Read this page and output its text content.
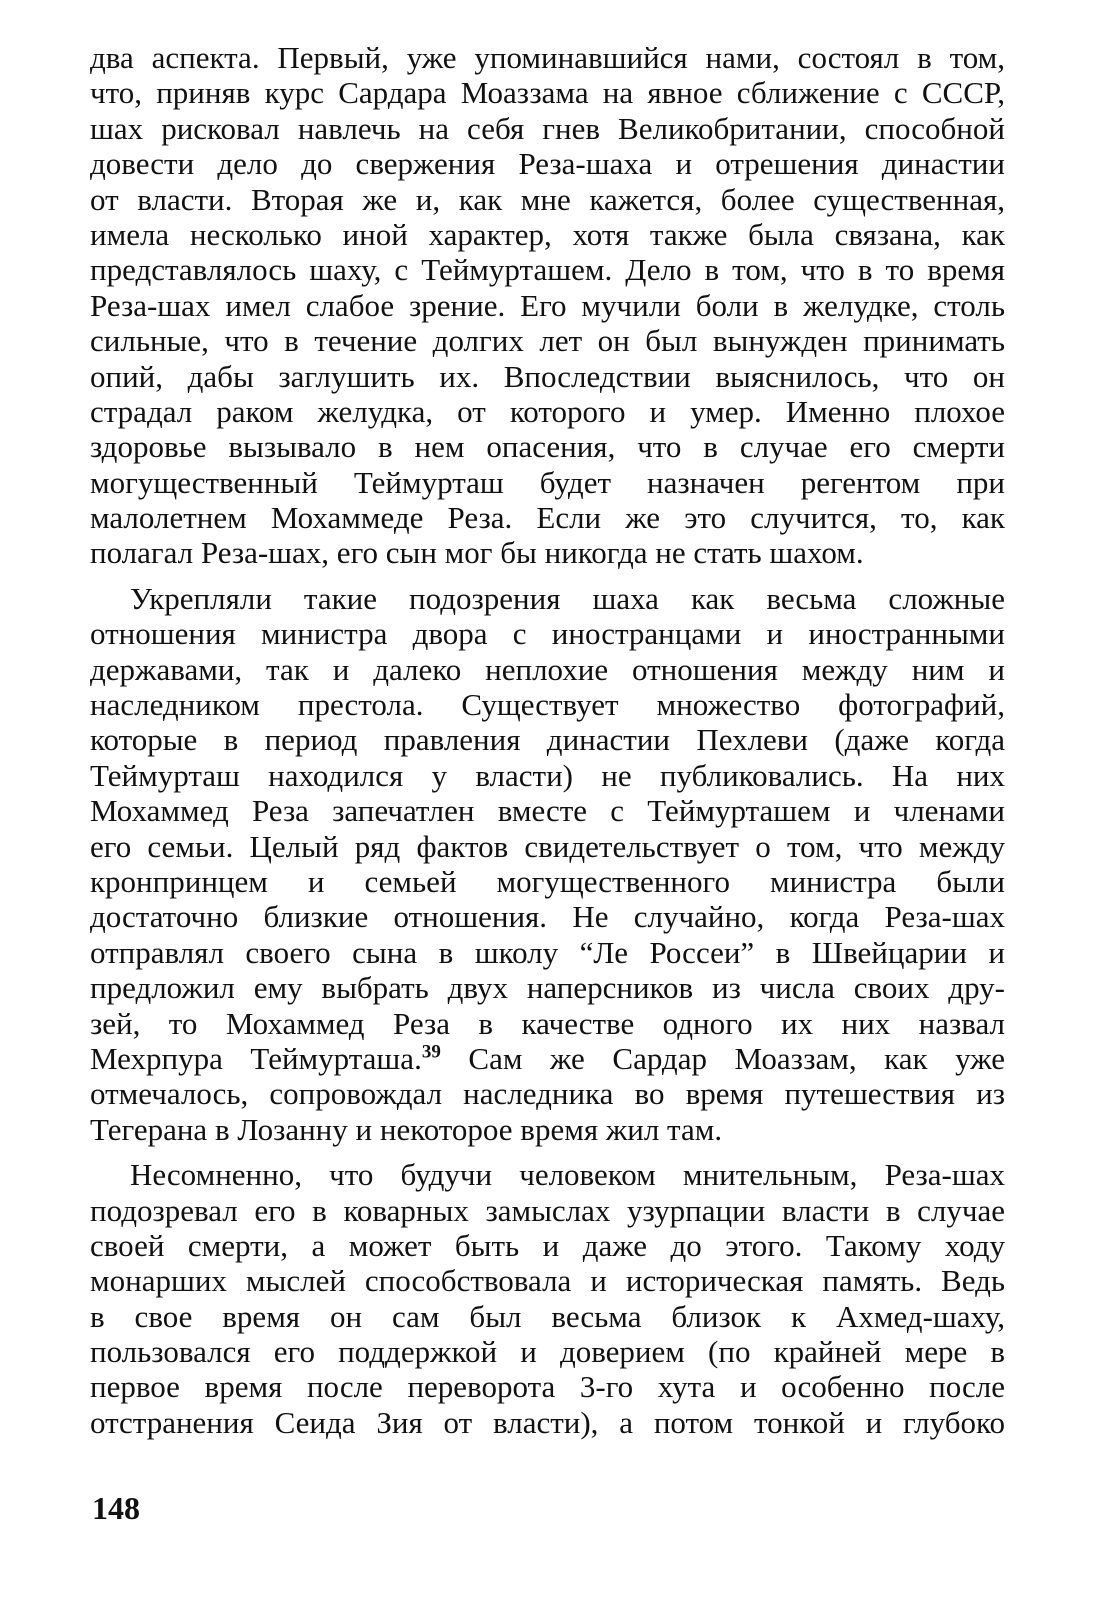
два аспекта. Первый, уже упоминавшийся нами, состоял в том,
что, приняв курс Сардара Моаззама на явное сближение с СССР,
шах рисковал навлечь на себя гнев Великобритании, способной
довести дело до свержения Реза-шаха и отрешения династии
от власти. Вторая же и, как мне кажется, более существенная,
имела несколько иной характер, хотя также была связана, как
представлялось шаху, с Теймурташем. Дело в том, что в то время
Реза-шах имел слабое зрение. Его мучили боли в желудке, столь
сильные, что в течение долгих лет он был вынужден принимать
опий, дабы заглушить их. Впоследствии выяснилось, что он
страдал раком желудка, от которого и умер. Именно плохое
здоровье вызывало в нем опасения, что в случае его смерти
могущественный Теймурташ будет назначен регентом при
малолетнем Мохаммеде Реза. Если же это случится, то, как
полагал Реза-шах, его сын мог бы никогда не стать шахом.
Укрепляли такие подозрения шаха как весьма сложные
отношения министра двора с иностранцами и иностранными
державами, так и далеко неплохие отношения между ним и
наследником престола. Существует множество фотографий,
которые в период правления династии Пехлеви (даже когда
Теймурташ находился у власти) не публиковались. На них
Мохаммед Реза запечатлен вместе с Теймурташем и членами
его семьи. Целый ряд фактов свидетельствует о том, что между
кронпринцем и семьей могущественного министра были
достаточно близкие отношения. Не случайно, когда Реза-шах
отправлял своего сына в школу “Ле Россеи” в Швейцарии и
предложил ему выбрать двух наперсников из числа своих дру-
зей, то Мохаммед Реза в качестве одного их них назвал
Мехрпура Теймурташа.$^{39}$ Сам же Сардар Моаззам, как уже
отмечалось, сопровождал наследника во время путешествия из
Тегерана в Лозанну и некоторое время жил там.
Несомненно, что будучи человеком мнительным, Реза-шах
подозревал его в коварных замыслах узурпации власти в случае
своей смерти, а может быть и даже до этого. Такому ходу
монарших мыслей способствовала и историческая память. Ведь
в свое время он сам был весьма близок к Ахмед-шаху,
пользовался его поддержкой и доверием (по крайней мере в
первое время после переворота 3-го хута и особенно после
отстранения Сеида Зия от власти), а потом тонкой и глубоко
148
